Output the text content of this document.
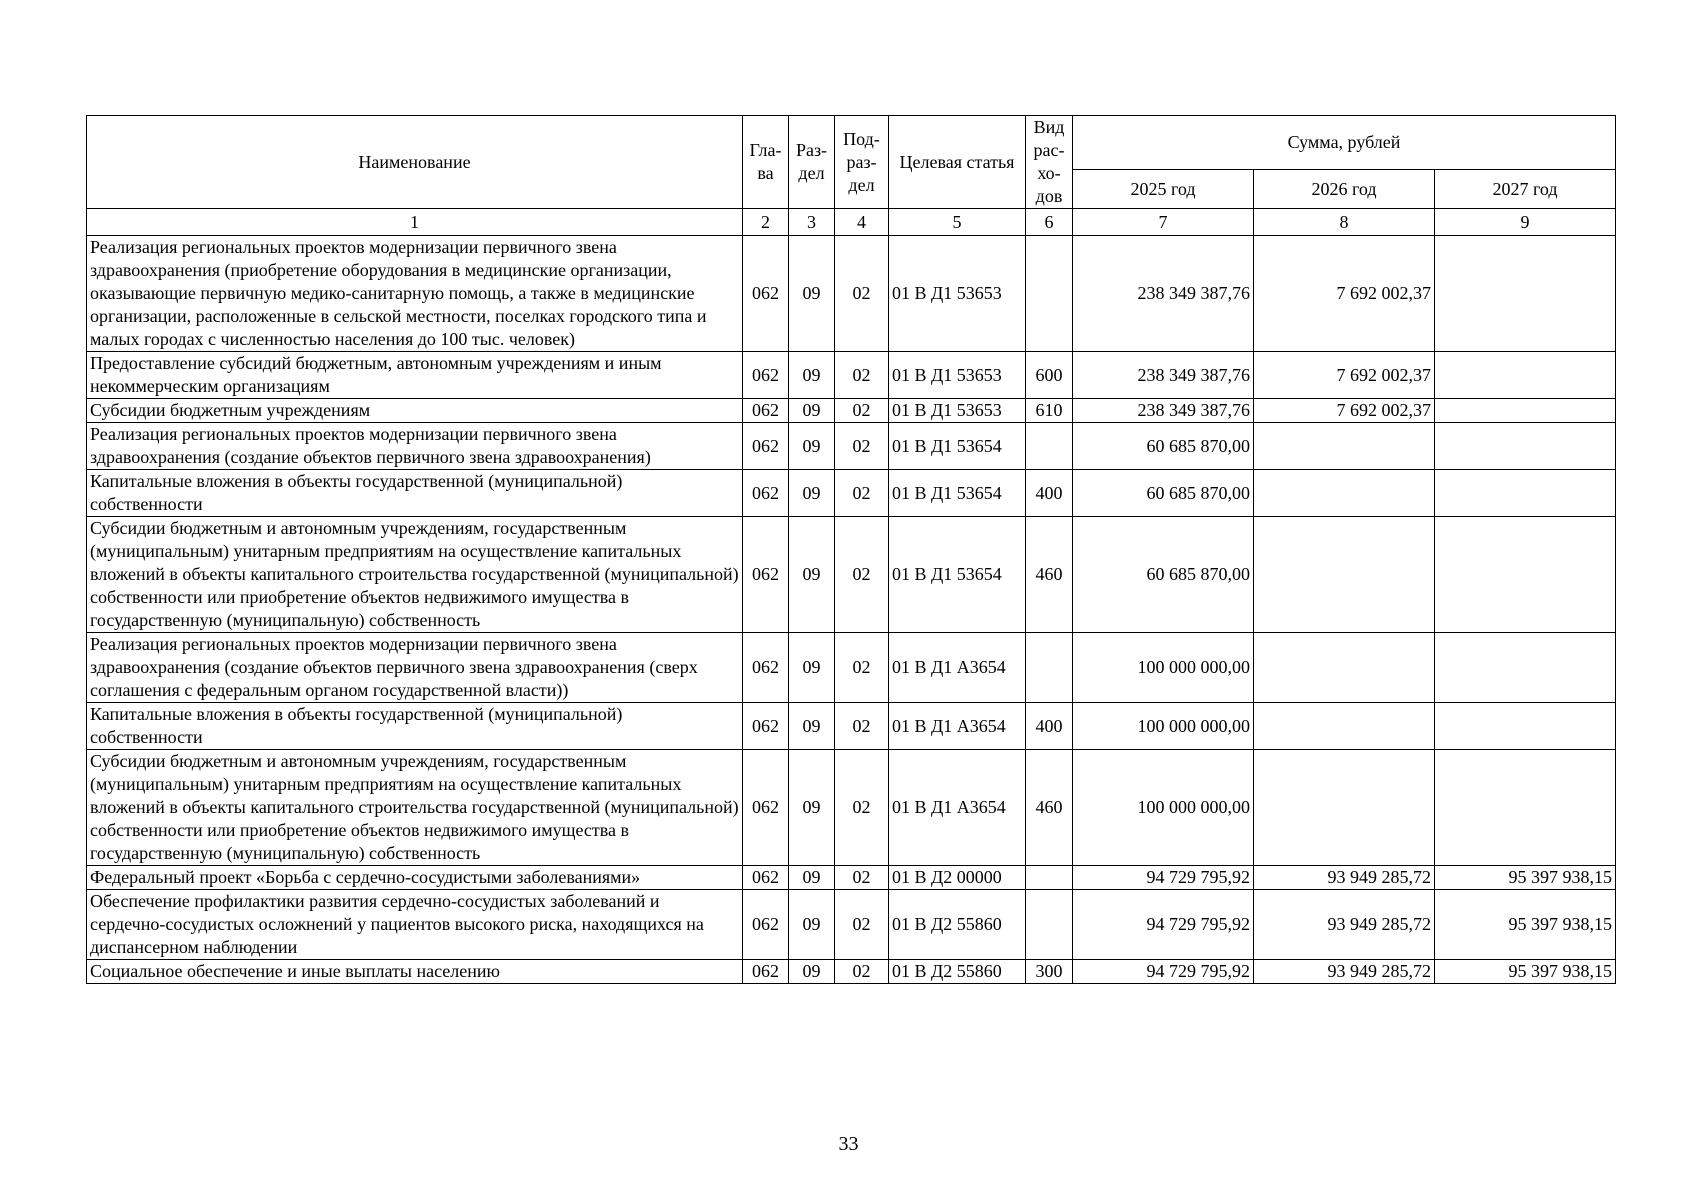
Наименование	Гла-ва	Раз-дел	Под-раз-дел	Целевая статья	Вид рас-хо-дов	Сумма, рублей		
						2025 год	2026 год	2027 год
1	2	3	4	5	6	7	8	9
Реализация региональных проектов модернизации первичного звена здравоохранения (приобретение оборудования в медицинские организации, оказывающие первичную медико-санитарную помощь, а также в медицинские организации, расположенные в сельской местности, поселках городского типа и малых городах с численностью населения до 100 тыс. человек)	062	09	02	01 В Д1 53653		238 349 387,76	7 692 002,37	
Предоставление субсидий бюджетным, автономным учреждениям и иным некоммерческим организациям	062	09	02	01 В Д1 53653	600	238 349 387,76	7 692 002,37	
Субсидии бюджетным учреждениям	062	09	02	01 В Д1 53653	610	238 349 387,76	7 692 002,37	
Реализация региональных проектов модернизации первичного звена здравоохранения (создание объектов первичного звена здравоохранения)	062	09	02	01 В Д1 53654		60 685 870,00		
Капитальные вложения в объекты государственной (муниципальной) собственности	062	09	02	01 В Д1 53654	400	60 685 870,00		
Субсидии бюджетным и автономным учреждениям, государственным (муниципальным) унитарным предприятиям на осуществление капитальных вложений в объекты капитального строительства государственной (муниципальной) собственности или приобретение объектов недвижимого имущества в государственную (муниципальную) собственность	062	09	02	01 В Д1 53654	460	60 685 870,00		
Реализация региональных проектов модернизации первичного звена здравоохранения (создание объектов первичного звена здравоохранения (сверх соглашения с федеральным органом государственной власти))	062	09	02	01 В Д1 А3654		100 000 000,00		
Капитальные вложения в объекты государственной (муниципальной) собственности	062	09	02	01 В Д1 А3654	400	100 000 000,00		
Субсидии бюджетным и автономным учреждениям, государственным (муниципальным) унитарным предприятиям на осуществление капитальных вложений в объекты капитального строительства государственной (муниципальной) собственности или приобретение объектов недвижимого имущества в государственную (муниципальную) собственность	062	09	02	01 В Д1 А3654	460	100 000 000,00		
Федеральный проект «Борьба с сердечно-сосудистыми заболеваниями»	062	09	02	01 В Д2 00000		94 729 795,92	93 949 285,72	95 397 938,15
Обеспечение профилактики развития сердечно-сосудистых заболеваний и сердечно-сосудистых осложнений у пациентов высокого риска, находящихся на диспансерном наблюдении	062	09	02	01 В Д2 55860		94 729 795,92	93 949 285,72	95 397 938,15
Социальное обеспечение и иные выплаты населению	062	09	02	01 В Д2 55860	300	94 729 795,92	93 949 285,72	95 397 938,15
33
